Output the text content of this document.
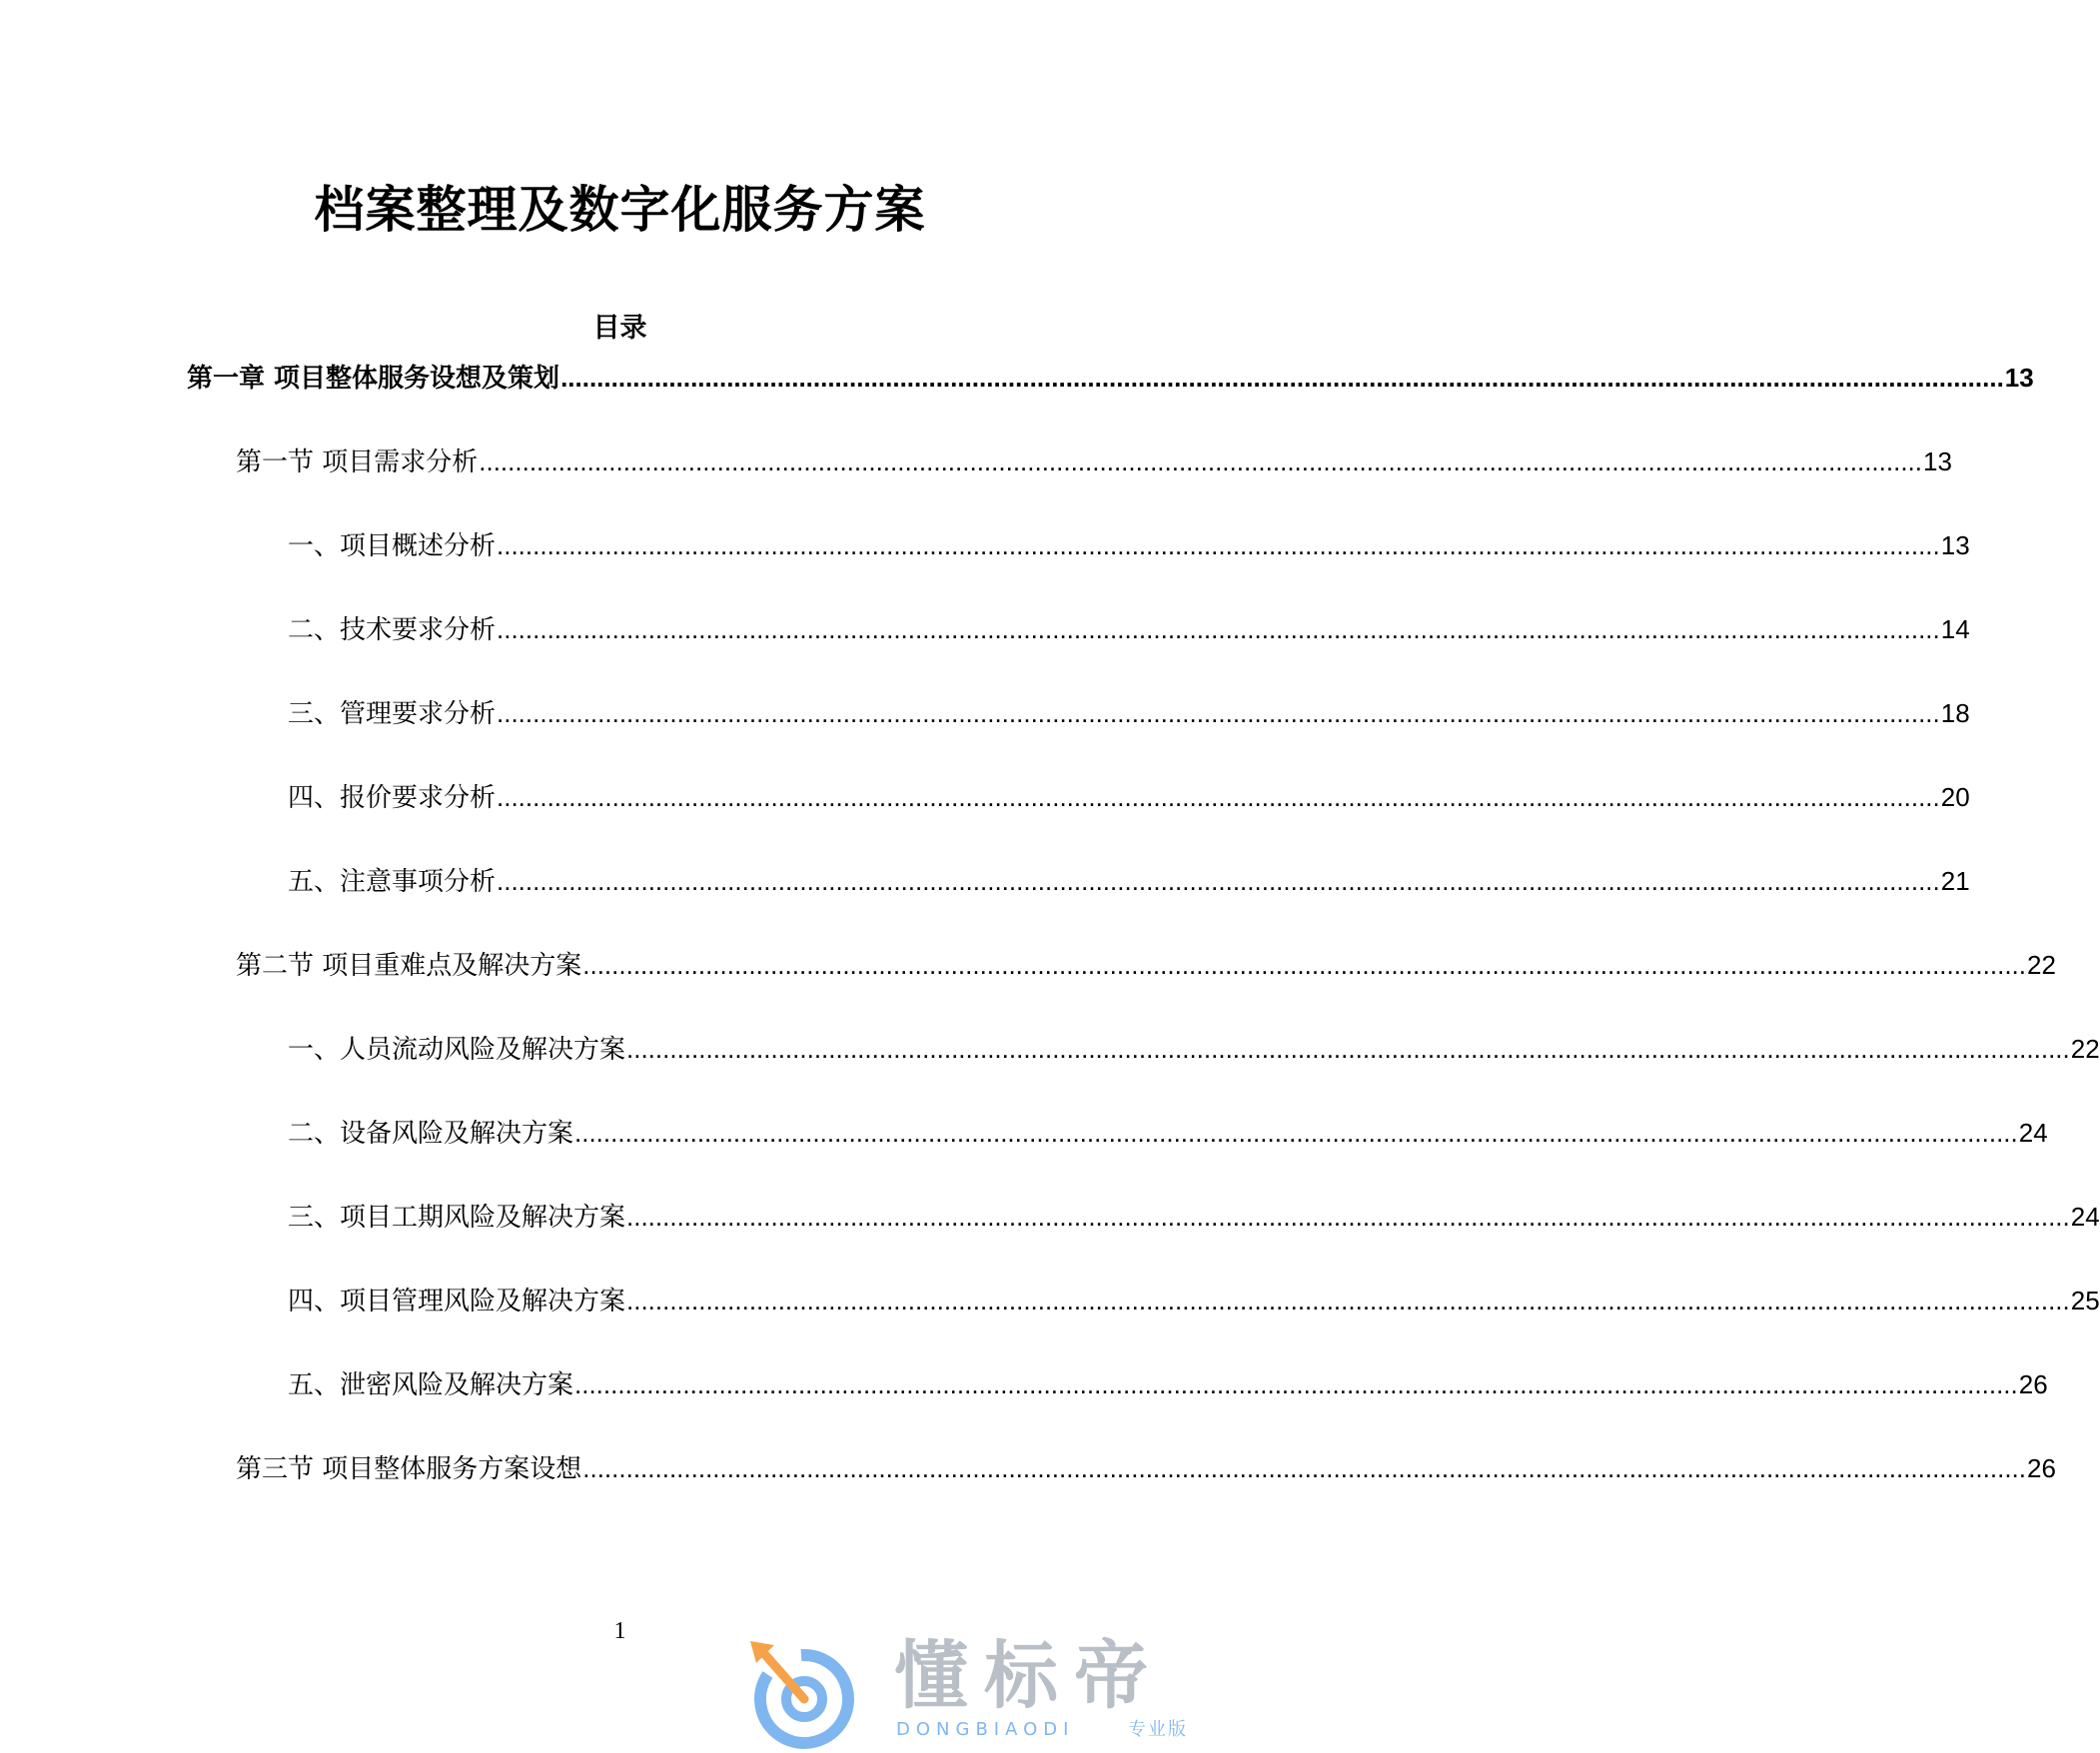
档案整理及数字化服务方案
目录
第一章 项目整体服务设想及策划 ........................................................................................................................................................................................................ 13
第一节 项目需求分析 ........................................................................................................................................................................................................ 13
一、项目概述分析 ........................................................................................................................................................................................................ 13
二、技术要求分析 ........................................................................................................................................................................................................ 14
三、管理要求分析 ........................................................................................................................................................................................................ 18
四、报价要求分析 ........................................................................................................................................................................................................ 20
五、注意事项分析 ........................................................................................................................................................................................................ 21
第二节 项目重难点及解决方案 ........................................................................................................................................................................................................ 22
一、人员流动风险及解决方案 ........................................................................................................................................................................................................ 22
二、设备风险及解决方案 ........................................................................................................................................................................................................ 24
三、项目工期风险及解决方案 ........................................................................................................................................................................................................ 24
四、项目管理风险及解决方案 ........................................................................................................................................................................................................ 25
五、泄密风险及解决方案 ........................................................................................................................................................................................................ 26
第三节 项目整体服务方案设想 ........................................................................................................................................................................................................ 26
1
懂标帝
DONGBIAODI	专业版
